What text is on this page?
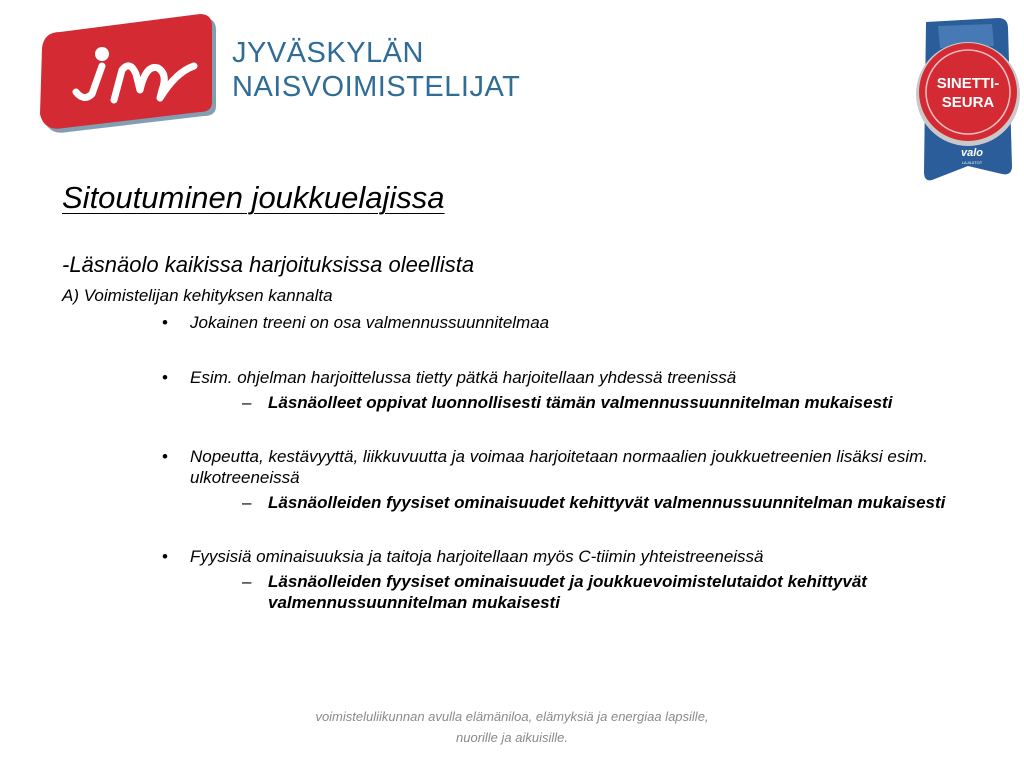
JYVÄSKYLÄN
NAISVOIMISTELIJAT	SINETTI-
SEURA
valo
LAJILIITOT
Sitoutuminen joukkuelajissa
-Läsnäolo kaikissa harjoituksissa oleellista
A) Voimistelijan kehityksen kannalta
• Jokainen treeni on osa valmennussuunnitelmaa
• Esim. ohjelman harjoittelussa tietty pätkä harjoitellaan yhdessä treenissä
– Läsnäolleet oppivat luonnollisesti tämän valmennussuunnitelman mukaisesti
• Nopeutta, kestävyyttä, liikkuvuutta ja voimaa harjoitetaan normaalien joukkuetreenien lisäksi esim. ulkotreeneissä
– Läsnäolleiden fyysiset ominaisuudet kehittyvät valmennussuunnitelman mukaisesti
• Fyysisiä ominaisuuksia ja taitoja harjoitellaan myös C-tiimin yhteistreeneissä
– Läsnäolleiden fyysiset ominaisuudet ja joukkuevoimistelutaidot kehittyvät valmennussuunnitelman mukaisesti
voimisteluliikunnan avulla elämäniloa, elämyksiä ja energiaa lapsille,
nuorille ja aikuisille.
